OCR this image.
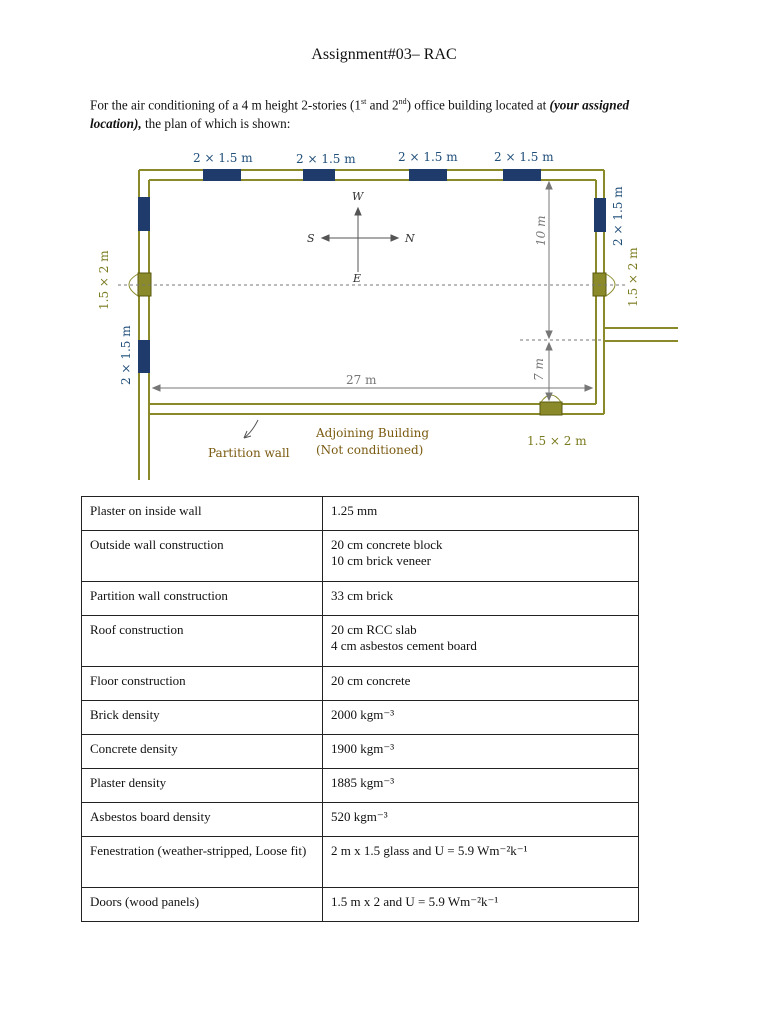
Assignment#03– RAC
For the air conditioning of a 4 m height 2-stories (1st and 2nd) office building located at (your assigned location), the plan of which is shown:
W
S	N
E
2 × 1.5 m	2 × 1.5 m	2 × 1.5 m	2 × 1.5 m
2 × 1.5 m
1.5 × 2 m
1.5 × 2 m
2 × 1.5 m
10 m
7 m
27 m
1.5 × 2 m
Partition wall
Adjoining Building
(Not conditioned)
Plaster on inside wall	1.25 mm
Outside wall construction	20 cm concrete block
10 cm brick veneer

Partition wall construction	33 cm brick
Roof construction	20 cm RCC slab
4 cm asbestos cement board

Floor construction	20 cm concrete
Brick density	2000 kgm⁻³
Concrete density	1900 kgm⁻³
Plaster density	1885 kgm⁻³
Asbestos board density	520 kgm⁻³
Fenestration (weather-stripped, Loose fit)	2 m x 1.5 glass and U = 5.9 Wm⁻²k⁻¹
Doors (wood panels)	1.5 m x 2 and U = 5.9 Wm⁻²k⁻¹
